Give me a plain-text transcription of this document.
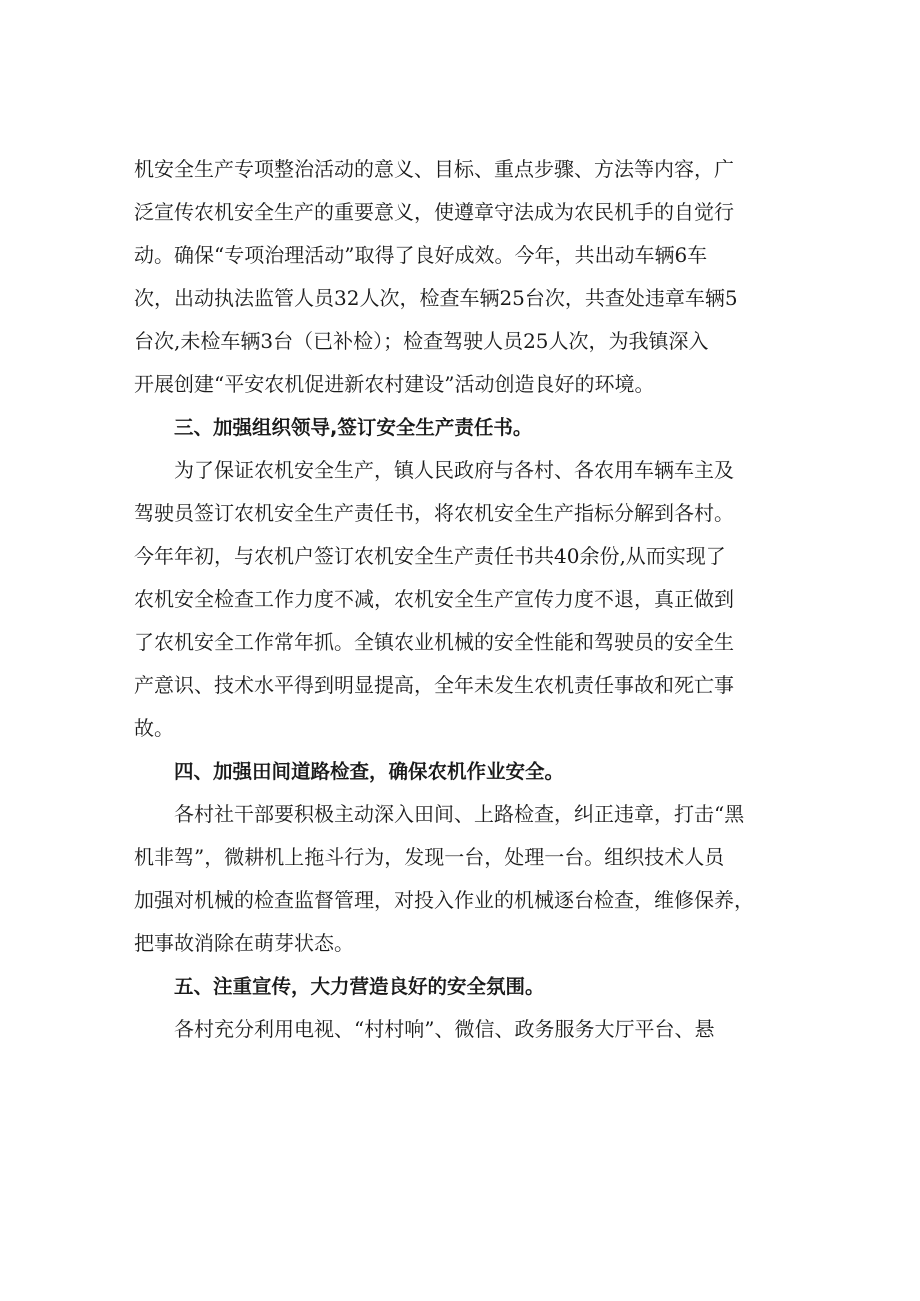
机安全生产专项整治活动的意义、目标、重点步骤、方法等内容，广
泛宣传农机安全生产的重要意义，使遵章守法成为农民机手的自觉行
动。确保“专项治理活动”取得了良好成效。今年，共出动车辆6车
次，出动执法监管人员32人次，检查车辆25台次，共查处违章车辆5
台次,未检车辆3台（已补检）；检查驾驶人员25人次，为我镇深入
开展创建“平安农机促进新农村建设”活动创造良好的环境。
三、加强组织领导,签订安全生产责任书。
为了保证农机安全生产，镇人民政府与各村、各农用车辆车主及
驾驶员签订农机安全生产责任书，将农机安全生产指标分解到各村。
今年年初，与农机户签订农机安全生产责任书共40余份,从而实现了
农机安全检查工作力度不减，农机安全生产宣传力度不退，真正做到
了农机安全工作常年抓。全镇农业机械的安全性能和驾驶员的安全生
产意识、技术水平得到明显提高，全年未发生农机责任事故和死亡事
故。
四、加强田间道路检查，确保农机作业安全。
各村社干部要积极主动深入田间、上路检查，纠正违章，打击“黑
机非驾”，微耕机上拖斗行为，发现一台，处理一台。组织技术人员
加强对机械的检查监督管理，对投入作业的机械逐台检查，维修保养，
把事故消除在萌芽状态。
五、注重宣传，大力营造良好的安全氛围。
各村充分利用电视、“村村响”、微信、政务服务大厅平台、悬
